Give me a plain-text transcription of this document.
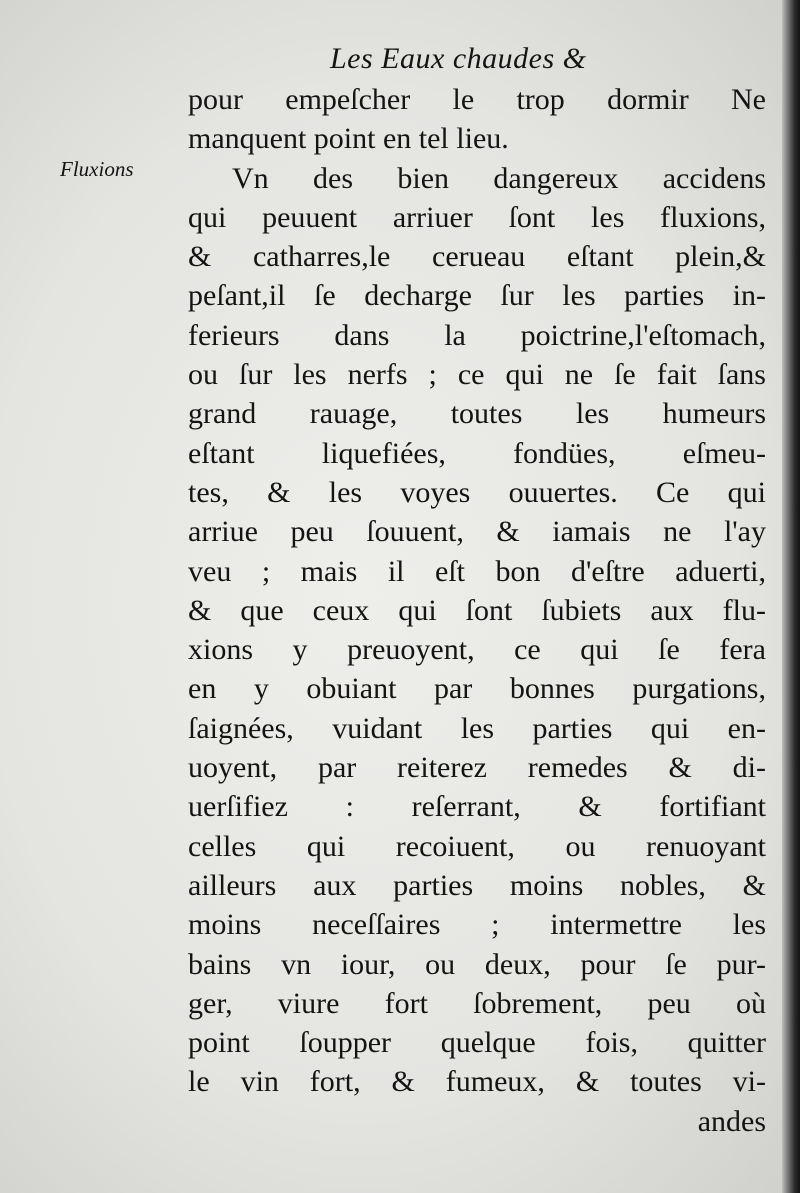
Les Eaux chaudes &
Fluxions
pour empeſcher le trop dormir Ne
manquent point en tel lieu.
Vn des bien dangereux accidens
qui peuuent arriuer ſont les fluxions,
& catharres,le cerueau eſtant plein,&
peſant,il ſe decharge ſur les parties in-
ferieurs dans la poictrine,l'eſtomach,
ou ſur les nerfs ; ce qui ne ſe fait ſans
grand rauage, toutes les humeurs
eſtant liquefiées, fondües, eſmeu-
tes, & les voyes ouuertes. Ce qui
arriue peu ſouuent, & iamais ne l'ay
veu ; mais il eſt bon d'eſtre aduerti,
& que ceux qui ſont ſubiets aux flu-
xions y preuoyent, ce qui ſe fera
en y obuiant par bonnes purgations,
ſaignées, vuidant les parties qui en-
uoyent, par reiterez remedes & di-
uerſifiez : reſerrant, & fortifiant
celles qui recoiuent, ou renuoyant
ailleurs aux parties moins nobles, &
moins neceſſaires ; intermettre les
bains vn iour, ou deux, pour ſe pur-
ger, viure fort ſobrement, peu où
point ſoupper quelque fois, quitter
le vin fort, & fumeux, & toutes vi-
andes
